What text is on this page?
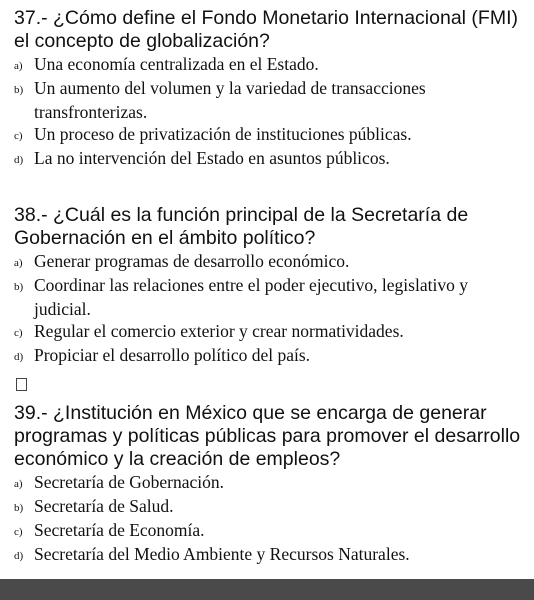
37.- ¿Cómo define el Fondo Monetario Internacional (FMI) el concepto de globalización?

a) Una economía centralizada en el Estado.

b) Un aumento del volumen y la variedad de transacciones transfronterizas.

c) Un proceso de privatización de instituciones públicas.

d) La no intervención del Estado en asuntos públicos.

38.- ¿Cuál es la función principal de la Secretaría de Gobernación en el ámbito político?

a) Generar programas de desarrollo económico.

b) Coordinar las relaciones entre el poder ejecutivo, legislativo y judicial.

c) Regular el comercio exterior y crear normatividades.

d) Propiciar el desarrollo político del país.

39.- ¿Institución en México que se encarga de generar programas y políticas públicas para promover el desarrollo económico y la creación de empleos?

a) Secretaría de Gobernación.

b) Secretaría de Salud.

c) Secretaría de Economía.

d) Secretaría del Medio Ambiente y Recursos Naturales.
